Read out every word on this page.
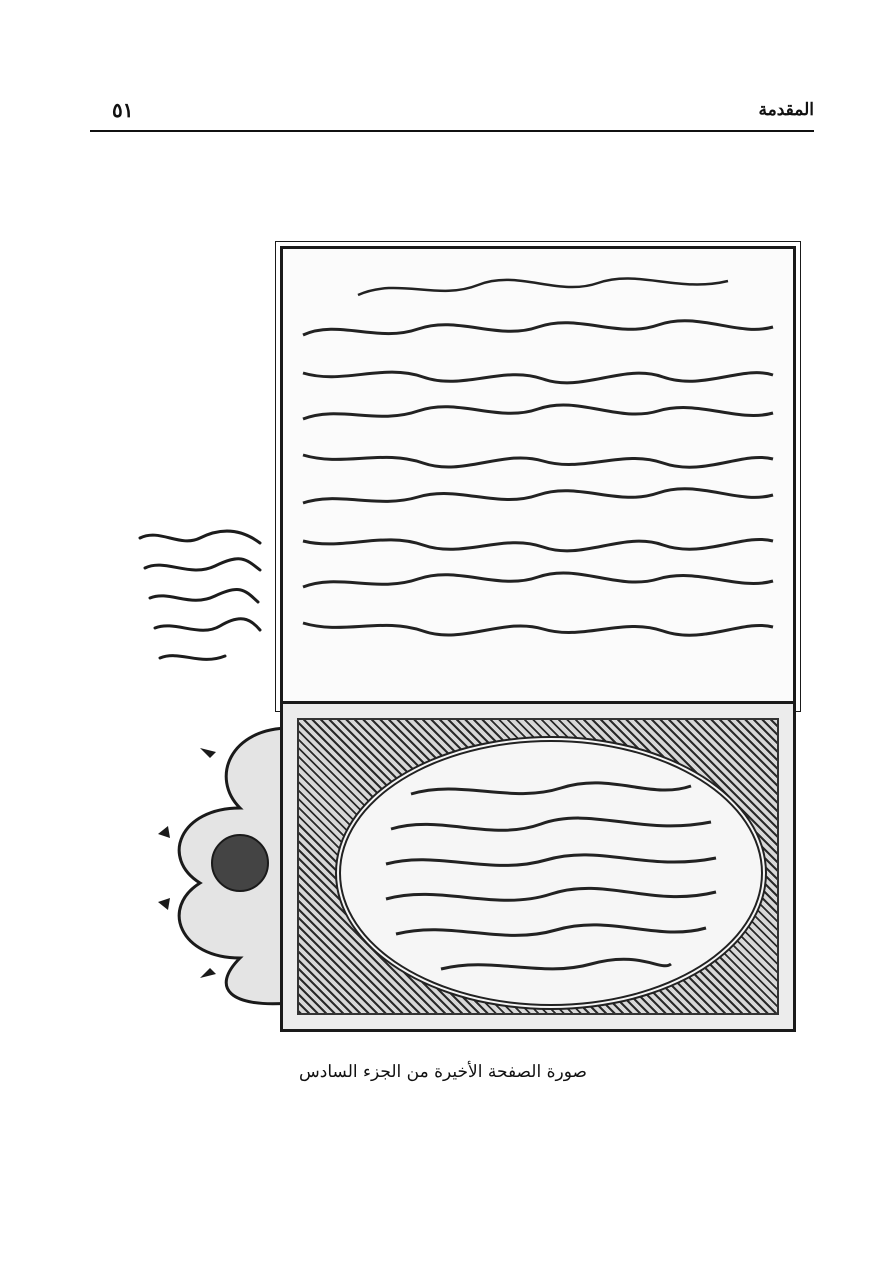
المقدمة
٥١
صورة الصفحة الأخيرة من الجزء السادس
